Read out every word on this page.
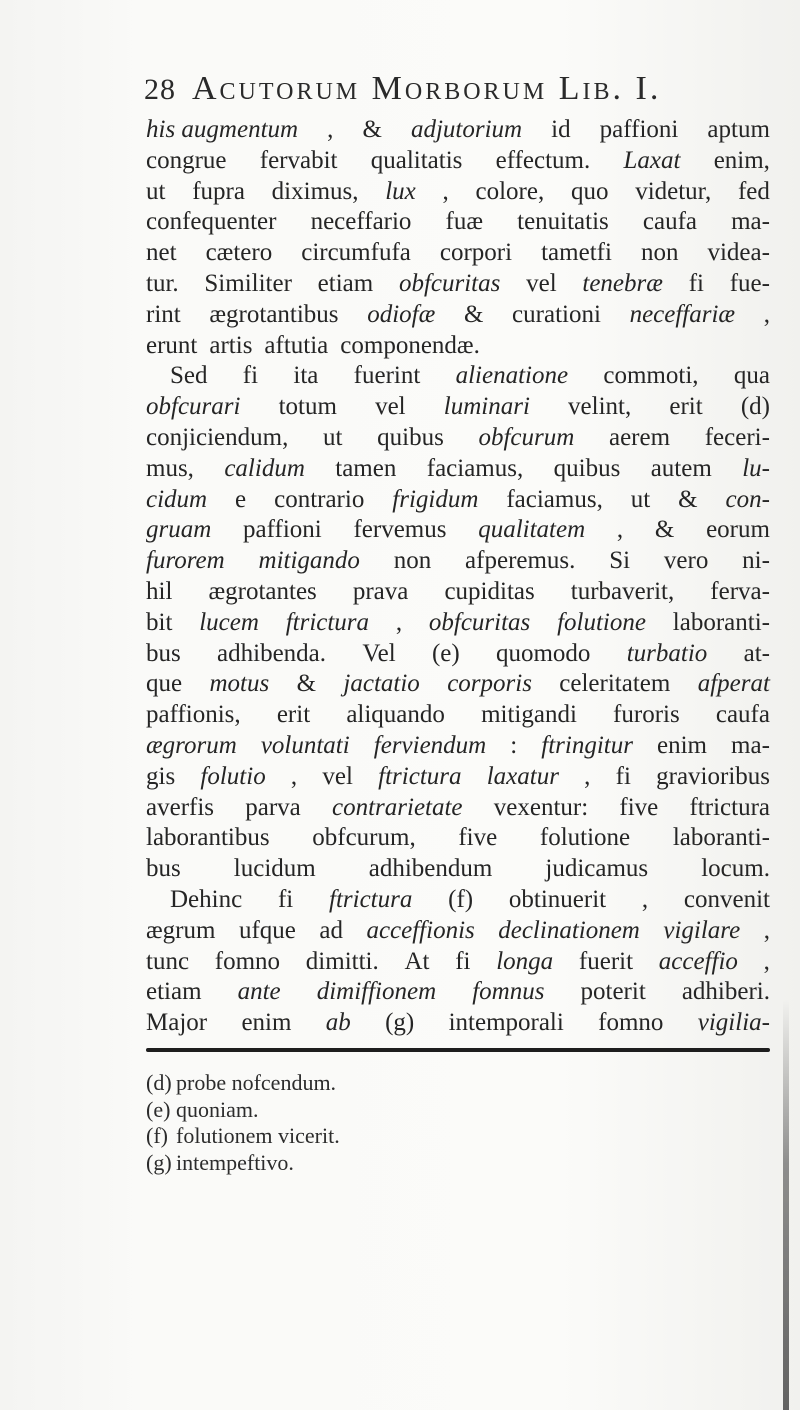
28 Acutorum Morborum Lib. I.
his augmentum , & adjutorium id paffioni aptum
congrue fervabit qualitatis effectum. Laxat enim,
ut fupra diximus, lux , colore, quo videtur, fed
confequenter neceffario fuæ tenuitatis caufa ma-
net cætero circumfufa corpori tametfi non videa-
tur. Similiter etiam obfcuritas vel tenebræ fi fue-
rint ægrotantibus odiofæ & curationi neceffariæ ,
erunt artis aftutia componendæ.
Sed fi ita fuerint alienatione commoti, qua
obfcurari totum vel luminari velint, erit (d)
conjiciendum, ut quibus obfcurum aerem feceri-
mus, calidum tamen faciamus, quibus autem lu-
cidum e contrario frigidum faciamus, ut & con-
gruam paffioni fervemus qualitatem , & eorum
furorem mitigando non afperemus. Si vero ni-
hil ægrotantes prava cupiditas turbaverit, ferva-
bit lucem ftrictura , obfcuritas folutione laboranti-
bus adhibenda. Vel (e) quomodo turbatio at-
que motus & jactatio corporis celeritatem afperat
paffionis, erit aliquando mitigandi furoris caufa
ægrorum voluntati ferviendum : ftringitur enim ma-
gis folutio , vel ftrictura laxatur , fi gravioribus
averfis parva contrarietate vexentur: five ftrictura
laborantibus obfcurum, five folutione laboranti-
bus lucidum adhibendum judicamus locum.
Dehinc fi ftrictura (f) obtinuerit , convenit
ægrum ufque ad acceffionis declinationem vigilare ,
tunc fomno dimitti. At fi longa fuerit acceffio ,
etiam ante dimiffionem fomnus poterit adhiberi.
Major enim ab (g) intemporali fomno vigilia-
(d) probe nofcendum.
(e) quoniam.
(f) folutionem vicerit.
(g) intempeftivo.
